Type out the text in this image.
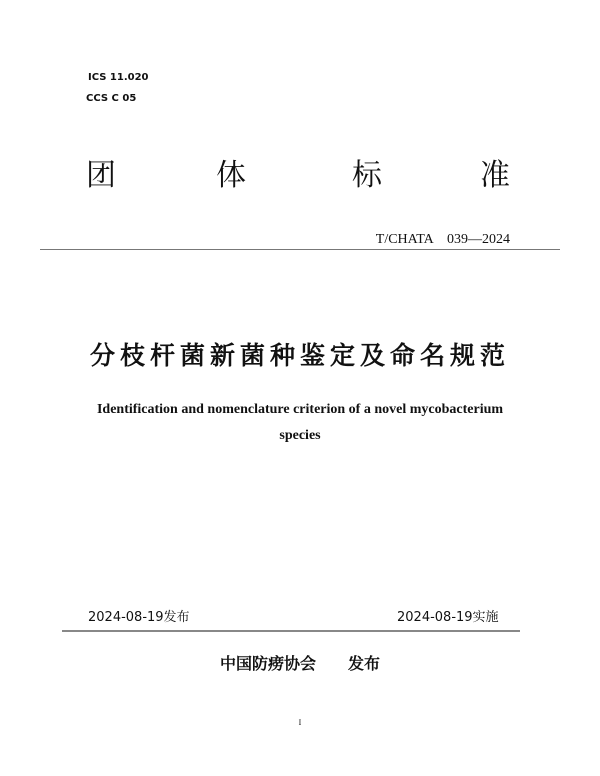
ICS 11.020
CCS C 05
团	体	标	准
T/CHATA　039—2024
分枝杆菌新菌种鉴定及命名规范
Identification and nomenclature criterion of a novel mycobacterium
species
2024-08-19发布	2024-08-19实施
中国防痨协会　　发布
I
